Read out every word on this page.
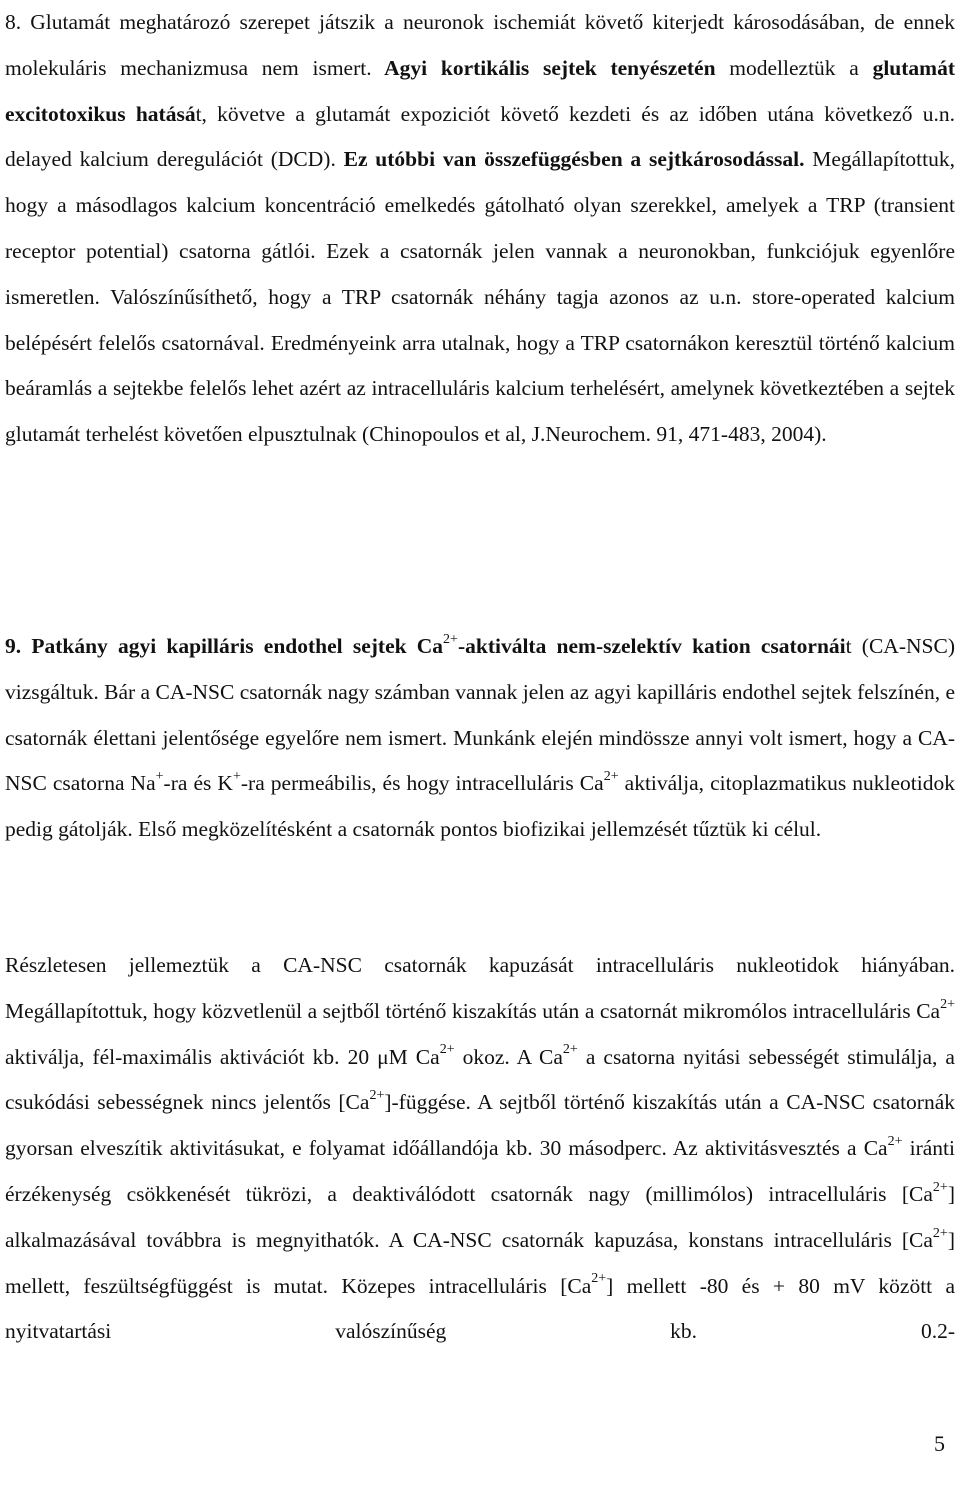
8. Glutamát meghatározó szerepet játszik a neuronok ischemiát követő kiterjedt károsodásában, de ennek molekuláris mechanizmusa nem ismert. Agyi kortikális sejtek tenyészetén modelleztük a glutamát excitotoxikus hatását, követve a glutamát expoziciót követő kezdeti és az időben utána következő u.n. delayed kalcium deregulációt (DCD). Ez utóbbi van összefüggésben a sejtkárosodással. Megállapítottuk, hogy a másodlagos kalcium koncentráció emelkedés gátolható olyan szerekkel, amelyek a TRP (transient receptor potential) csatorna gátlói. Ezek a csatornák jelen vannak a neuronokban, funkciójuk egyenlőre ismeretlen. Valószínűsíthető, hogy a TRP csatornák néhány tagja azonos az u.n. store-operated kalcium belépésért felelős csatornával. Eredményeink arra utalnak, hogy a TRP csatornákon keresztül történő kalcium beáramlás a sejtekbe felelős lehet azért az intracelluláris kalcium terhelésért, amelynek következtében a sejtek glutamát terhelést követően elpusztulnak (Chinopoulos et al, J.Neurochem. 91, 471-483, 2004).

9. Patkány agyi kapilláris endothel sejtek $Ca^{2+}$-aktiválta nem-szelektív kation csatornáit (CA-NSC) vizsgáltuk. Bár a CA-NSC csatornák nagy számban vannak jelen az agyi kapilláris endothel sejtek felszínén, e csatornák élettani jelentősége egyelőre nem ismert. Munkánk elején mindössze annyi volt ismert, hogy a CA-NSC csatorna Na+-ra és K+-ra permeábilis, és hogy intracelluláris $Ca^{2+}$ aktiválja, citoplazmatikus nukleotidok pedig gátolják. Első megközelítésként a csatornák pontos biofizikai jellemzését tűztük ki célul.

Részletesen jellemeztük a CA-NSC csatornák kapuzását intracelluláris nukleotidok hiányában. Megállapítottuk, hogy közvetlenül a sejtből történő kiszakítás után a csatornát mikromólos intracelluláris $Ca^{2+}$ aktiválja, fél-maximális aktivációt kb. 20 μM $Ca^{2+}$ okoz. A $Ca^{2+}$ a csatorna nyitási sebességét stimulálja, a csukódási sebességnek nincs jelentős $[Ca^{2+}]$-függése. A sejtből történő kiszakítás után a CA-NSC csatornák gyorsan elveszítik aktivitásukat, e folyamat időállandója kb. 30 másodperc. Az aktivitásvesztés a $Ca^{2+}$ iránti érzékenység csökkenését tükrözi, a deaktiválódott csatornák nagy (millimólos) intracelluláris $[Ca^{2+}]$ alkalmazásával továbbra is megnyithatók. A CA-NSC csatornák kapuzása, konstans intracelluláris $[Ca^{2+}]$ mellett, feszültségfüggést is mutat. Közepes intracelluláris $[Ca^{2+}]$ mellett -80 és + 80 mV között a nyitvatartási valószínűség kb. 0.2-

5
